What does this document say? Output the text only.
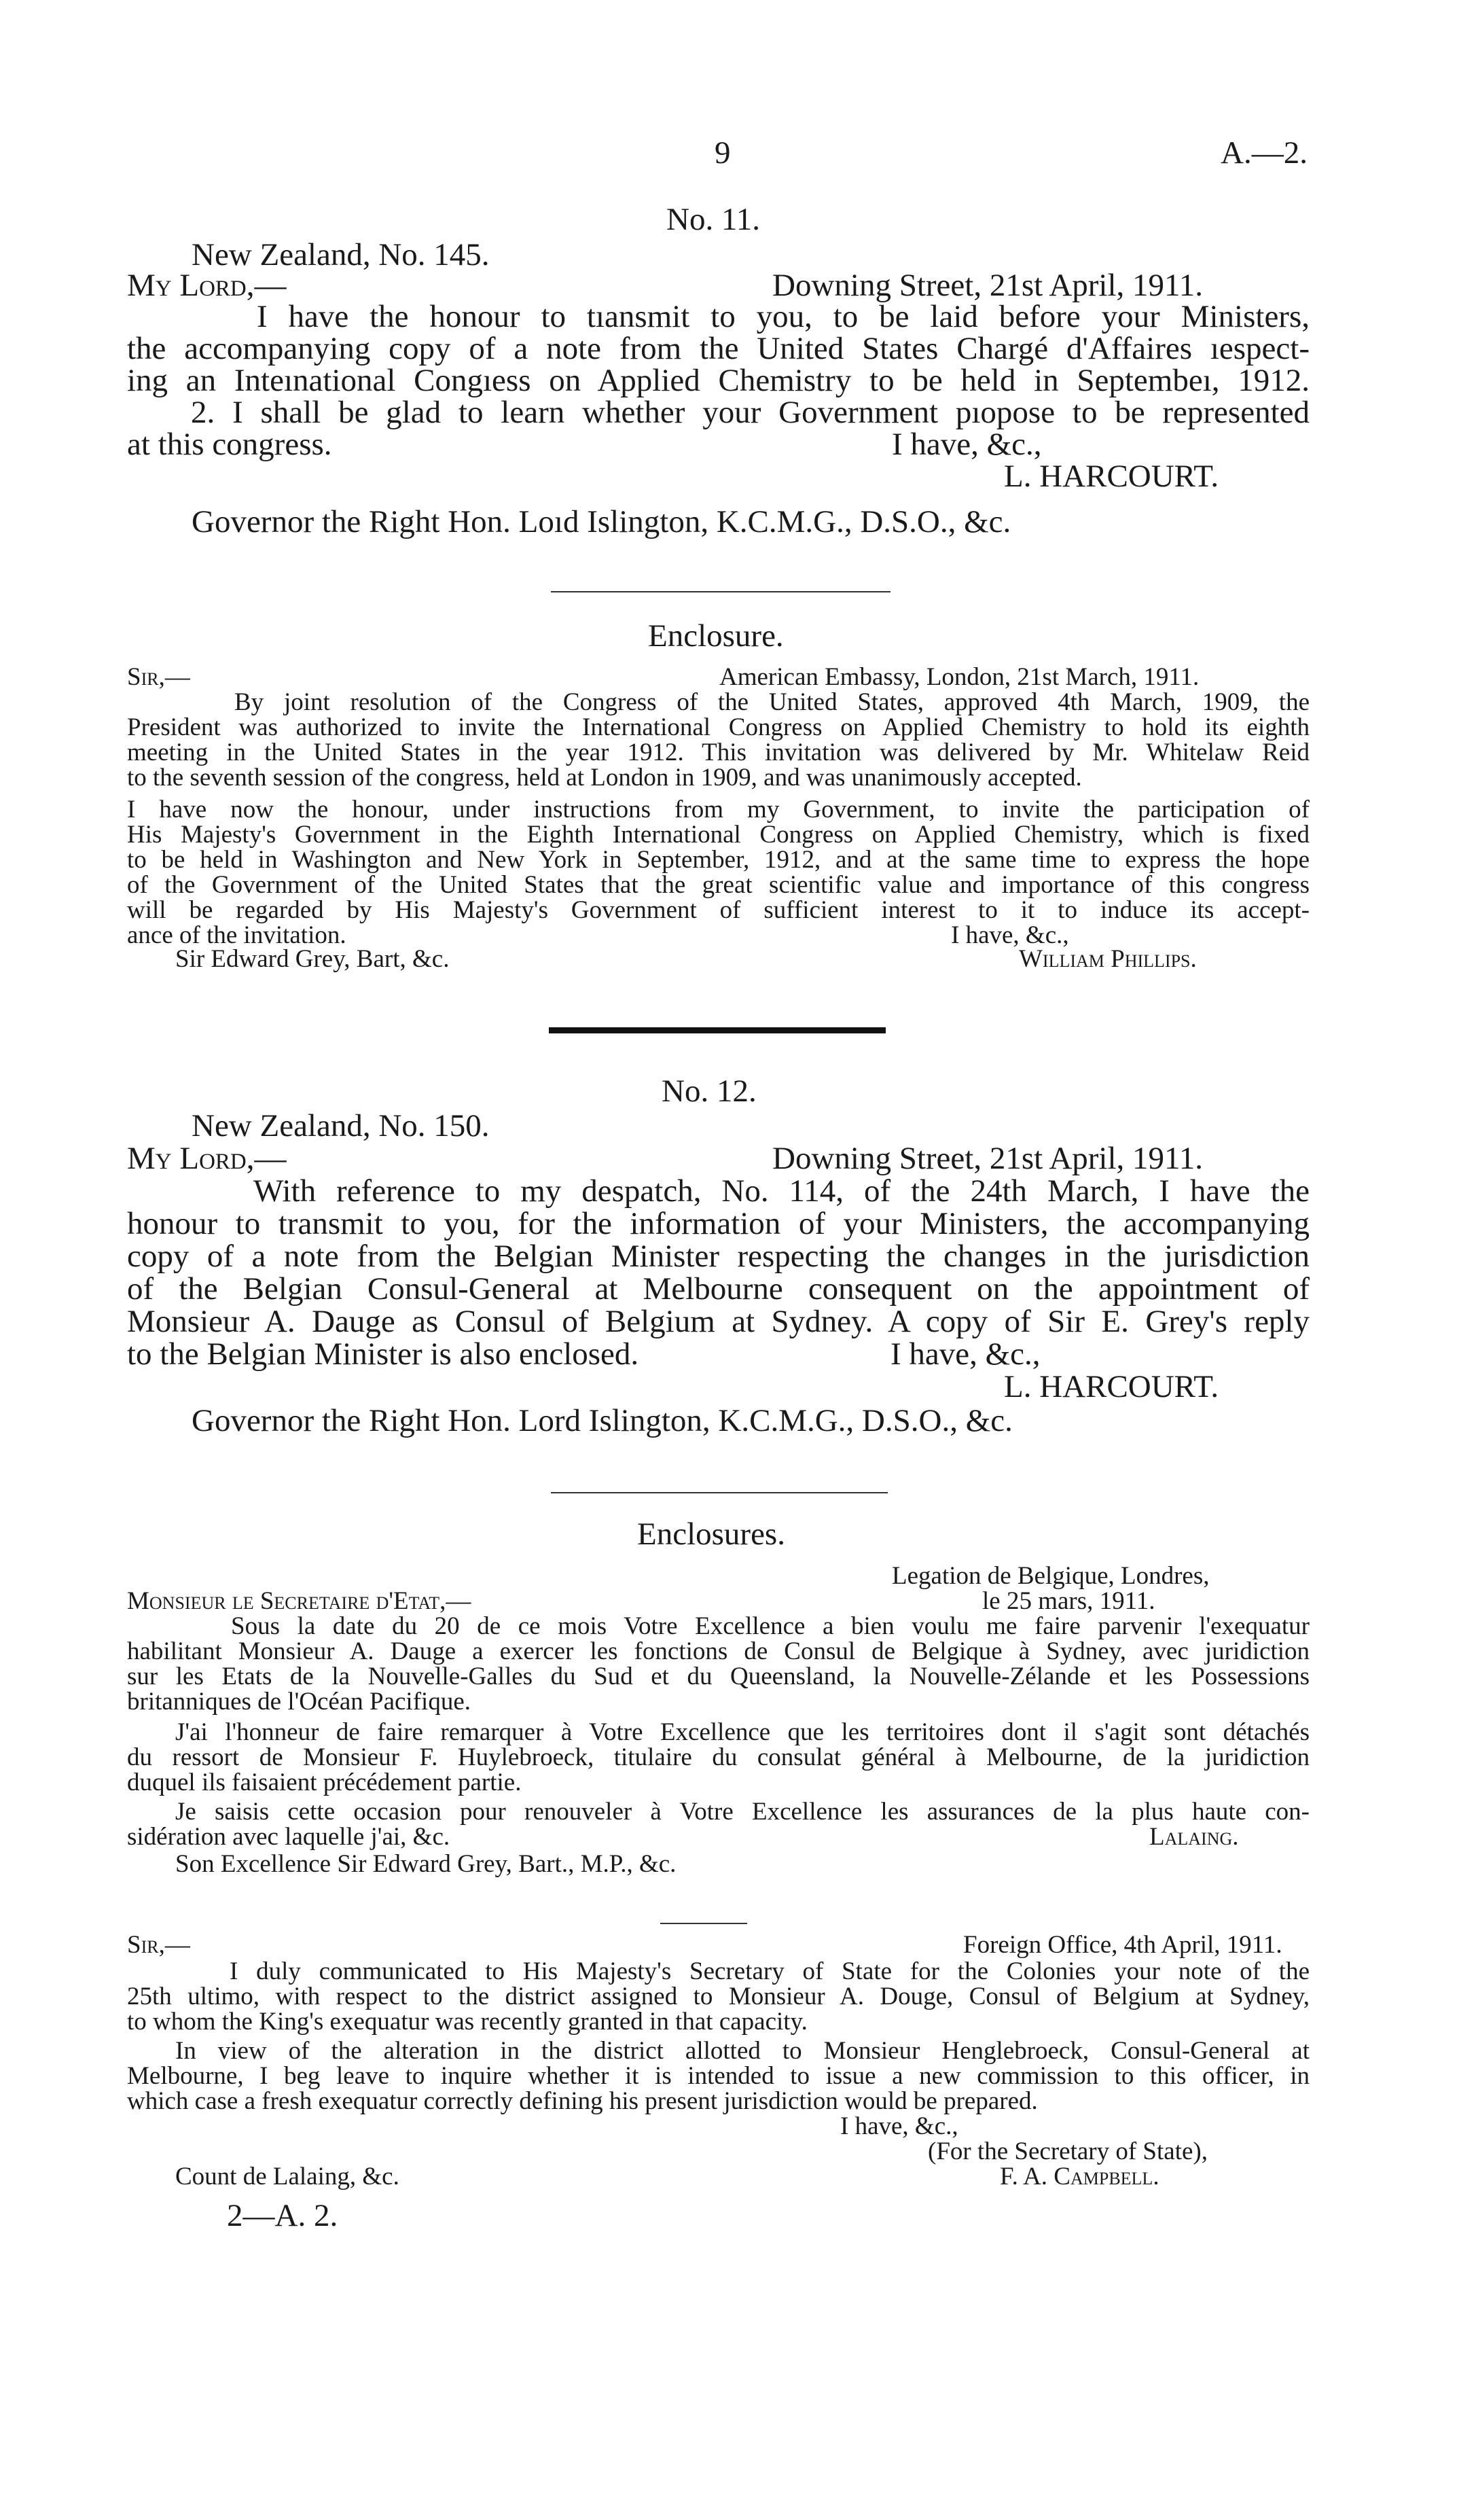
9	A.—2.
No. 11.
New Zealand, No. 145.
My Lord,—	Downing Street, 21st April, 1911.
I have the honour to tıansmit to you, to be laid before your Ministers,
the accompanying copy of a note from the United States Chargé d'Affaires ıespect-
ing an Inteınational Congıess on Applied Chemistry to be held in Septembeı, 1912.
2. I shall be glad to learn whether your Government pıopose to be represented
at this congress.	I have, &c.,
L. HARCOURT.
Governor the Right Hon. Loıd Islington, K.C.M.G., D.S.O., &c.
Enclosure.
Sir,—	American Embassy, London, 21st March, 1911.
By joint resolution of the Congress of the United States, approved 4th March, 1909, the
President was authorized to invite the International Congress on Applied Chemistry to hold its eighth
meeting in the United States in the year 1912. This invitation was delivered by Mr. Whitelaw Reid
to the seventh session of the congress, held at London in 1909, and was unanimously accepted.
I have now the honour, under instructions from my Government, to invite the participation of
His Majesty's Government in the Eighth International Congress on Applied Chemistry, which is fixed
to be held in Washington and New York in September, 1912, and at the same time to express the hope
of the Government of the United States that the great scientific value and importance of this congress
will be regarded by His Majesty's Government of sufficient interest to it to induce its accept-
ance of the invitation.	I have, &c.,
Sir Edward Grey, Bart, &c.	William Phillips.
No. 12.
New Zealand, No. 150.
My Lord,—	Downing Street, 21st April, 1911.
With reference to my despatch, No. 114, of the 24th March, I have the
honour to transmit to you, for the information of your Ministers, the accompanying
copy of a note from the Belgian Minister respecting the changes in the jurisdiction
of the Belgian Consul-General at Melbourne consequent on the appointment of
Monsieur A. Dauge as Consul of Belgium at Sydney. A copy of Sir E. Grey's reply
to the Belgian Minister is also enclosed.	I have, &c.,
L. HARCOURT.
Governor the Right Hon. Lord Islington, K.C.M.G., D.S.O., &c.
Enclosures.
Legation de Belgique, Londres,
Monsieur le Secretaire d'Etat,—	le 25 mars, 1911.
Sous la date du 20 de ce mois Votre Excellence a bien voulu me faire parvenir l'exequatur
habilitant Monsieur A. Dauge a exercer les fonctions de Consul de Belgique à Sydney, avec juridiction
sur les Etats de la Nouvelle-Galles du Sud et du Queensland, la Nouvelle-Zélande et les Possessions
britanniques de l'Océan Pacifique.
J'ai l'honneur de faire remarquer à Votre Excellence que les territoires dont il s'agit sont détachés
du ressort de Monsieur F. Huylebroeck, titulaire du consulat général à Melbourne, de la juridiction
duquel ils faisaient précédement partie.
Je saisis cette occasion pour renouveler à Votre Excellence les assurances de la plus haute con-
sidération avec laquelle j'ai, &c.	Lalaing.
Son Excellence Sir Edward Grey, Bart., M.P., &c.
Sir,—	Foreign Office, 4th April, 1911.
I duly communicated to His Majesty's Secretary of State for the Colonies your note of the
25th ultimo, with respect to the district assigned to Monsieur A. Douge, Consul of Belgium at Sydney,
to whom the King's exequatur was recently granted in that capacity.
In view of the alteration in the district allotted to Monsieur Henglebroeck, Consul-General at
Melbourne, I beg leave to inquire whether it is intended to issue a new commission to this officer, in
which case a fresh exequatur correctly defining his present jurisdiction would be prepared.
I have, &c.,
(For the Secretary of State),
Count de Lalaing, &c.	F. A. Campbell.
2—A. 2.
